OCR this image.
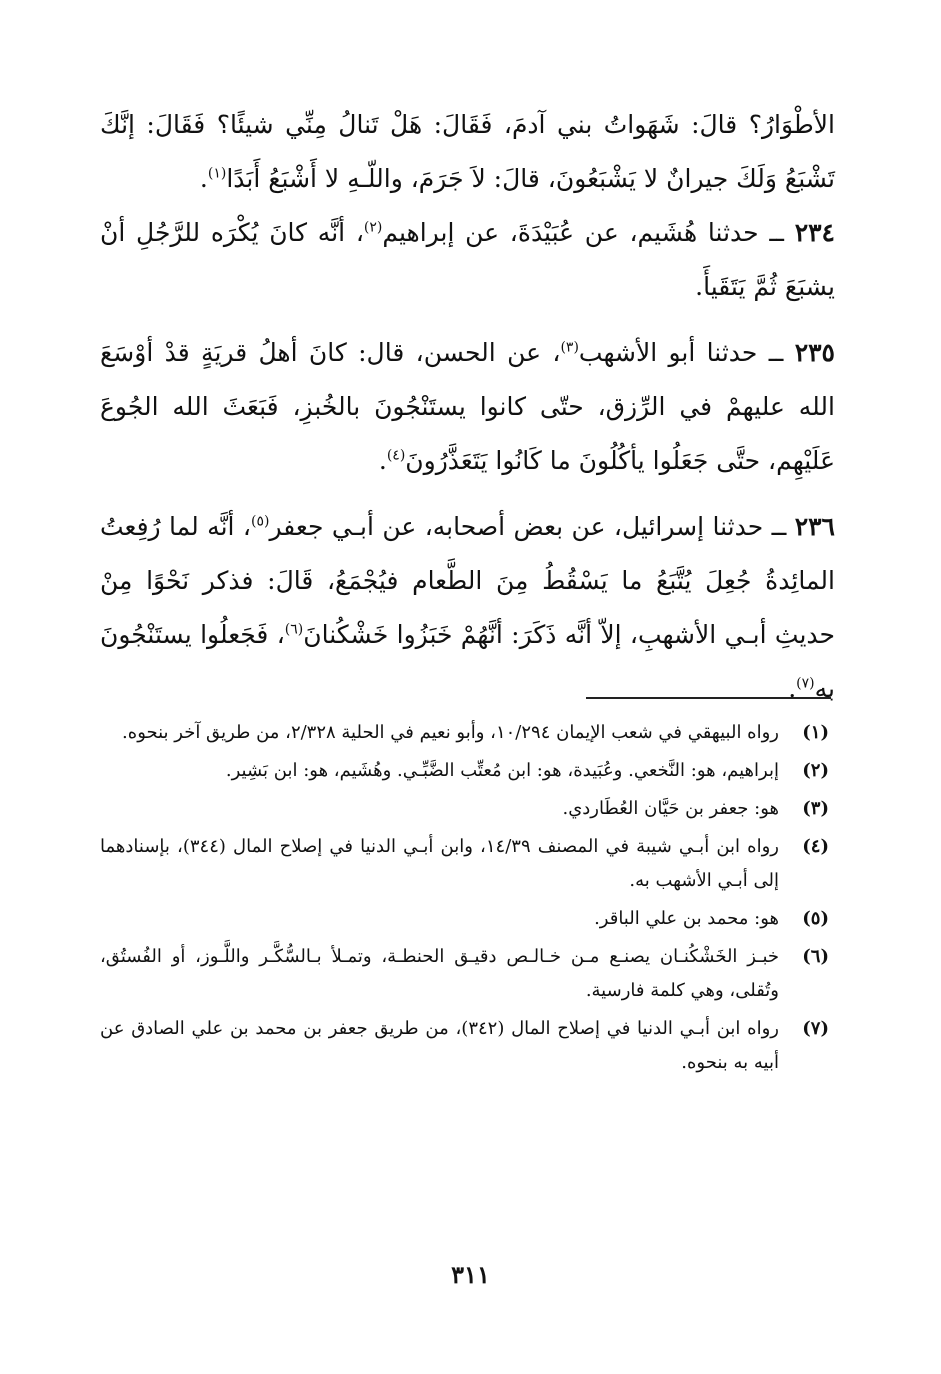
الأطْوَارُ؟ قالَ: شَهَواتُ بني آدمَ، فَقَالَ: هَلْ تَنالُ مِنِّي شيئًا؟ فَقَالَ: إنَّكَ تَشْبَعُ وَلَكَ جيرانٌ لا يَشْبَعُونَ، قالَ: لاَ جَرَمَ، واللّـهِ لا أَشْبَعُ أَبَدًا$^{(١)}$.

٢٣٤ ــ حدثنا هُشَيم، عن عُبَيْدَةَ، عن إبراهيم$^{(٢)}$، أنَّه كانَ يُكْرَه للرَّجُلِ أنْ يشبَعَ ثُمَّ يَتَقَيأَ.

٢٣٥ ــ حدثنا أبو الأشهب$^{(٣)}$، عن الحسن، قال: كانَ أهلُ قريَةٍ قدْ أوْسَعَ الله عليهمْ في الرِّزق، حتّى كانوا يستَنْجُونَ بالخُبزِ، فَبَعَثَ الله الجُوعَ عَلَيْهِم، حتَّى جَعَلُوا يأكُلُونَ ما كَانُوا يَتَعَذَّرُونَ$^{(٤)}$.

٢٣٦ ــ حدثنا إسرائيل، عن بعض أصحابه، عن أبـي جعفر$^{(٥)}$، أنَّه لما رُفِعتُ المائِدةُ جُعِلَ يُتَّبَعُ ما يَسْقُطُ مِنَ الطَّعام فيُجْمَعُ، قَالَ: فذكر نَحْوًا مِنْ حديثِ أبـي الأشهبِ، إلاّ أنَّه ذَكَرَ: أنَّهُمْ خَبَزُوا خَشْكُنانَ$^{(٦)}$، فَجَعلُوا يستَنْجُونَ به$^{(٧)}$.

(١)
رواه البيهقي في شعب الإيمان ١٠/٢٩٤، وأبو نعيم في الحلية ٢/٣٢٨، من طريق آخر بنحوه.
(٢)
إبراهيم، هو: النَّخعي. وعُبَيدة، هو: ابن مُعتِّب الضَّبِّـي. وهُشَيم، هو: ابن بَشِير.
(٣)
هو: جعفر بن حَيَّان العُطَاردي.
(٤)
رواه ابن أبـي شيبة في المصنف ١٤/٣٩، وابن أبـي الدنيا في إصلاح المال (٣٤٤)، بإسنادهما إلى أبـي الأشهب به.
(٥)
هو: محمد بن علي الباقر.
(٦)
خبـز الخَشْكُنـان يصنـع مـن خـالـص دقيـق الحنطـة، وتمـلأ بـالسُّكَّـر واللَّـوز، أو الفُستُق، وتُقلى، وهي كلمة فارسية.
(٧)
رواه ابن أبـي الدنيا في إصلاح المال (٣٤٢)، من طريق جعفر بن محمد بن علي الصادق عن أبيه به بنحوه.
٣١١
